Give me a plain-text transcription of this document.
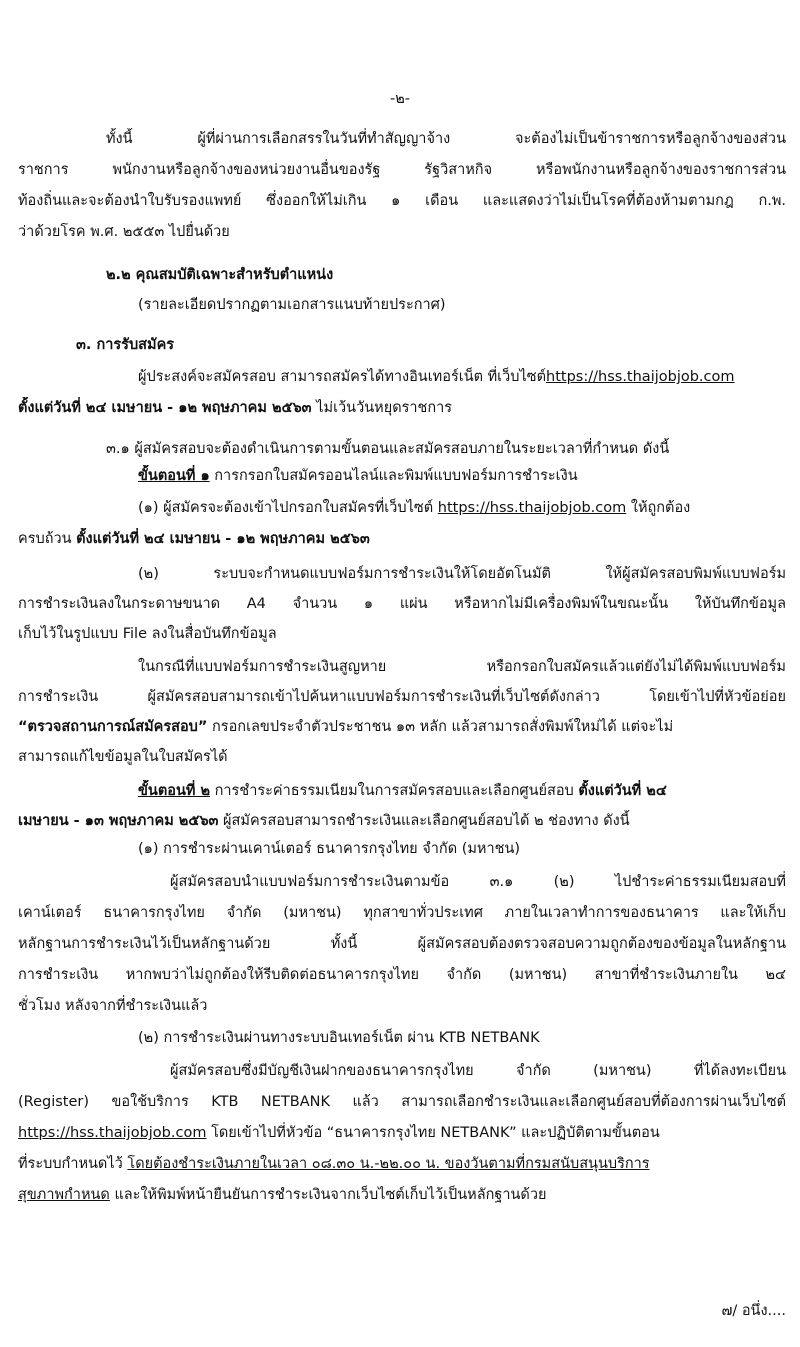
-๒-
ทั้งนี้ ผู้ที่ผ่านการเลือกสรรในวันที่ทำสัญญาจ้าง จะต้องไม่เป็นข้าราชการหรือลูกจ้างของส่วน
ราชการ พนักงานหรือลูกจ้างของหน่วยงานอื่นของรัฐ รัฐวิสาหกิจ หรือพนักงานหรือลูกจ้างของราชการส่วน
ท้องถิ่นและจะต้องนำใบรับรองแพทย์ ซึ่งออกให้ไม่เกิน ๑ เดือน และแสดงว่าไม่เป็นโรคที่ต้องห้ามตามกฎ ก.พ.
ว่าด้วยโรค พ.ศ. ๒๕๕๓ ไปยื่นด้วย
๒.๒ คุณสมบัติเฉพาะสำหรับตำแหน่ง
(รายละเอียดปรากฏตามเอกสารแนบท้ายประกาศ)
๓. การรับสมัคร
ผู้ประสงค์จะสมัครสอบ สามารถสมัครได้ทางอินเทอร์เน็ต ที่เว็บไซต์https://hss.thaijobjob.com
ตั้งแต่วันที่ ๒๔ เมษายน - ๑๒ พฤษภาคม ๒๕๖๓ ไม่เว้นวันหยุดราชการ
๓.๑ ผู้สมัครสอบจะต้องดำเนินการตามขั้นตอนและสมัครสอบภายในระยะเวลาที่กำหนด ดังนี้
ขั้นตอนที่ ๑ การกรอกใบสมัครออนไลน์และพิมพ์แบบฟอร์มการชำระเงิน
(๑) ผู้สมัครจะต้องเข้าไปกรอกใบสมัครที่เว็บไซต์ https://hss.thaijobjob.com ให้ถูกต้อง
ครบถ้วน ตั้งแต่วันที่ ๒๔ เมษายน - ๑๒ พฤษภาคม ๒๕๖๓
(๒) ระบบจะกำหนดแบบฟอร์มการชำระเงินให้โดยอัตโนมัติ ให้ผู้สมัครสอบพิมพ์แบบฟอร์ม
การชำระเงินลงในกระดาษขนาด A4 จำนวน ๑ แผ่น หรือหากไม่มีเครื่องพิมพ์ในขณะนั้น ให้บันทึกข้อมูล
เก็บไว้ในรูปแบบ File ลงในสื่อบันทึกข้อมูล
ในกรณีที่แบบฟอร์มการชำระเงินสูญหาย หรือกรอกใบสมัครแล้วแต่ยังไม่ได้พิมพ์แบบฟอร์ม
การชำระเงิน ผู้สมัครสอบสามารถเข้าไปค้นหาแบบฟอร์มการชำระเงินที่เว็บไซต์ดังกล่าว โดยเข้าไปที่หัวข้อย่อย
“ตรวจสถานการณ์สมัครสอบ” กรอกเลขประจำตัวประชาชน ๑๓ หลัก แล้วสามารถสั่งพิมพ์ใหม่ได้ แต่จะไม่
สามารถแก้ไขข้อมูลในใบสมัครได้
ขั้นตอนที่ ๒ การชำระค่าธรรมเนียมในการสมัครสอบและเลือกศูนย์สอบ ตั้งแต่วันที่ ๒๔
เมษายน - ๑๓ พฤษภาคม ๒๕๖๓ ผู้สมัครสอบสามารถชำระเงินและเลือกศูนย์สอบได้ ๒ ช่องทาง ดังนี้
(๑) การชำระผ่านเคาน์เตอร์ ธนาคารกรุงไทย จำกัด (มหาชน)
ผู้สมัครสอบนำแบบฟอร์มการชำระเงินตามข้อ ๓.๑ (๒) ไปชำระค่าธรรมเนียมสอบที่
เคาน์เตอร์ ธนาคารกรุงไทย จำกัด (มหาชน) ทุกสาขาทั่วประเทศ ภายในเวลาทำการของธนาคาร และให้เก็บ
หลักฐานการชำระเงินไว้เป็นหลักฐานด้วย ทั้งนี้ ผู้สมัครสอบต้องตรวจสอบความถูกต้องของข้อมูลในหลักฐาน
การชำระเงิน หากพบว่าไม่ถูกต้องให้รีบติดต่อธนาคารกรุงไทย จำกัด (มหาชน) สาขาที่ชำระเงินภายใน ๒๔
ชั่วโมง หลังจากที่ชำระเงินแล้ว
(๒) การชำระเงินผ่านทางระบบอินเทอร์เน็ต ผ่าน KTB NETBANK
ผู้สมัครสอบซึ่งมีบัญชีเงินฝากของธนาคารกรุงไทย จำกัด (มหาชน) ที่ได้ลงทะเบียน
(Register) ขอใช้บริการ KTB NETBANK แล้ว สามารถเลือกชำระเงินและเลือกศูนย์สอบที่ต้องการผ่านเว็บไซต์
https://hss.thaijobjob.com โดยเข้าไปที่หัวข้อ “ธนาคารกรุงไทย NETBANK” และปฏิบัติตามขั้นตอน
ที่ระบบกำหนดไว้ โดยต้องชำระเงินภายในเวลา ๐๘.๓๐ น.-๒๒.๐๐ น. ของวันตามที่กรมสนับสนุนบริการ
สุขภาพกำหนด และให้พิมพ์หน้ายืนยันการชำระเงินจากเว็บไซต์เก็บไว้เป็นหลักฐานด้วย
๗/ อนึ่ง....
